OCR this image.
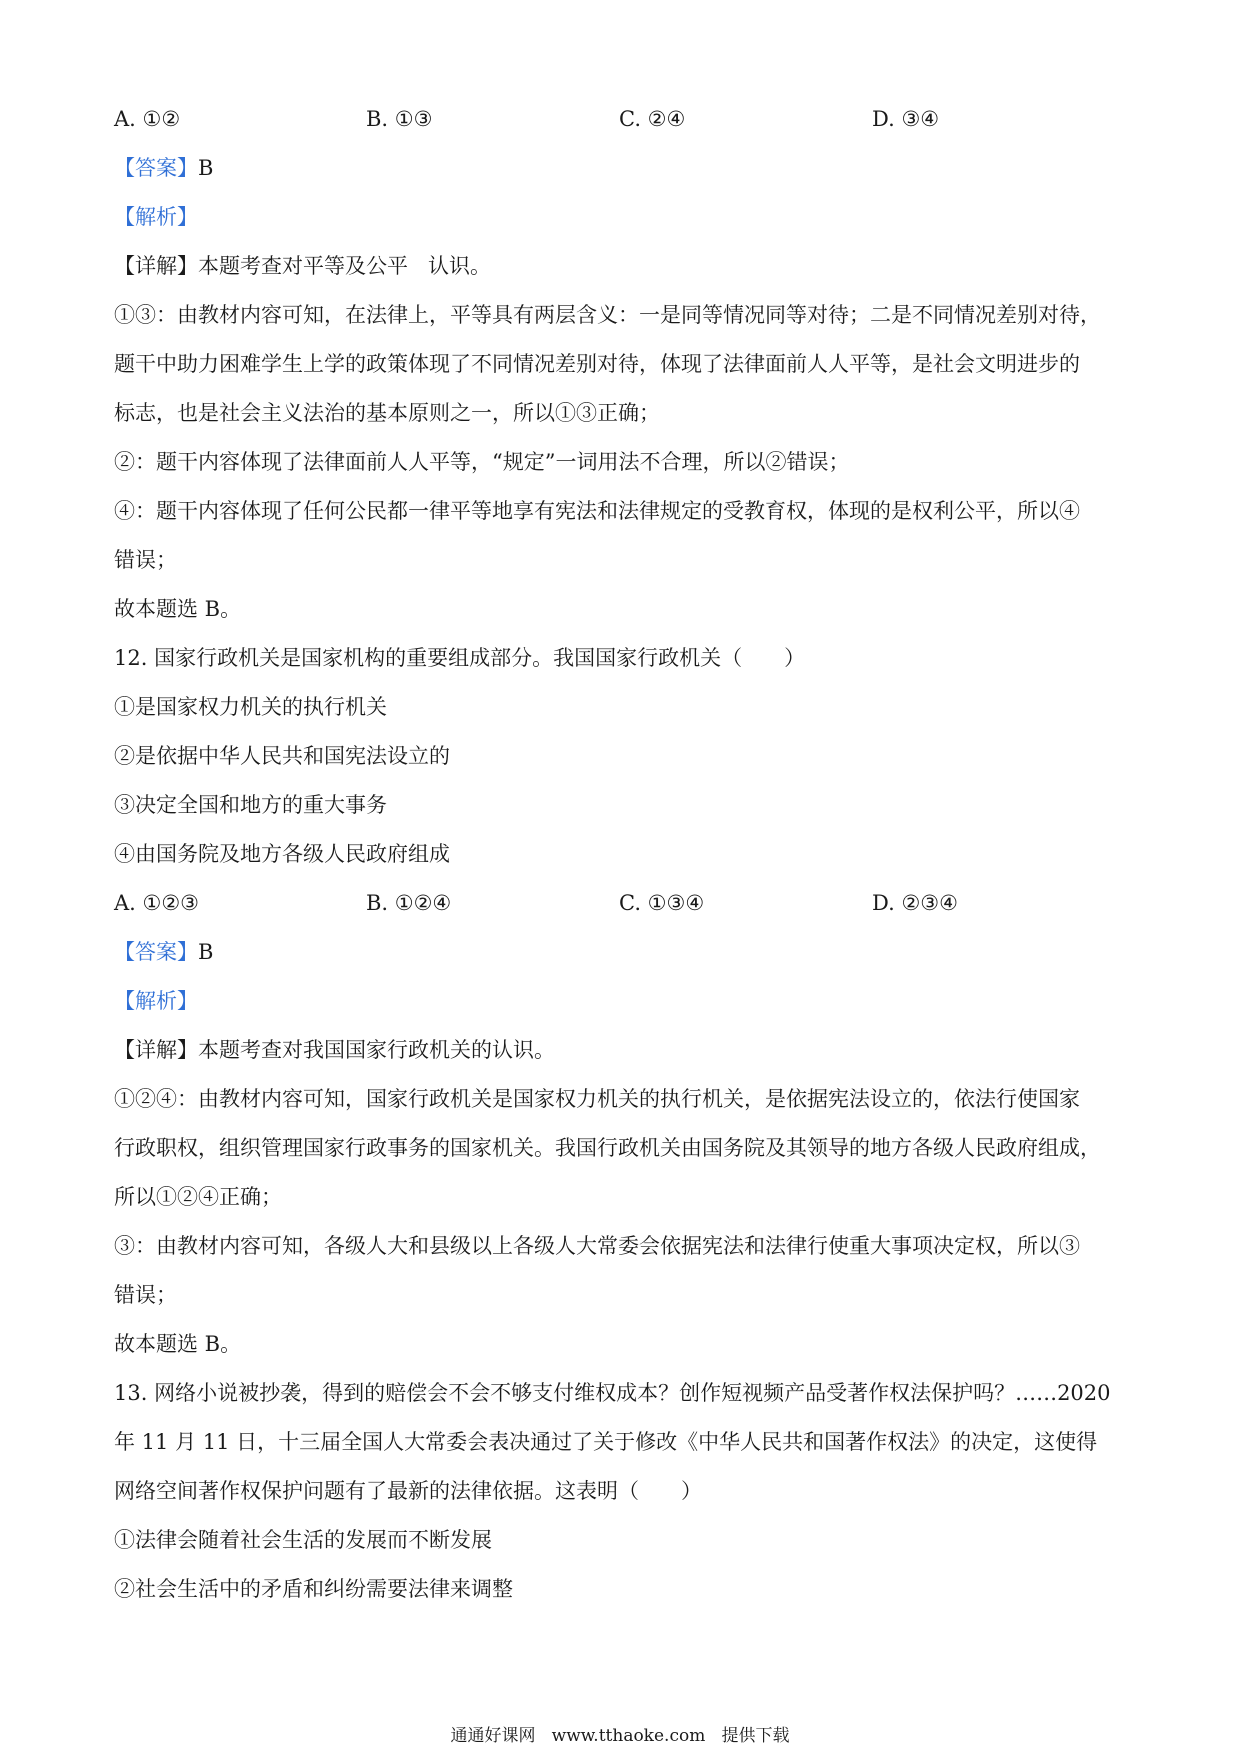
A. ①②	B. ①③	C. ②④	D. ③④
【答案】B
【解析】
【详解】本题考查对平等及公平   认识。
①③：由教材内容可知，在法律上，平等具有两层含义：一是同等情况同等对待；二是不同情况差别对待，
题干中助力困难学生上学的政策体现了不同情况差别对待，体现了法律面前人人平等，是社会文明进步的
标志，也是社会主义法治的基本原则之一，所以①③正确；
②：题干内容体现了法律面前人人平等，“规定”一词用法不合理，所以②错误；
④：题干内容体现了任何公民都一律平等地享有宪法和法律规定的受教育权，体现的是权利公平，所以④
错误；
故本题选 B。
12. 国家行政机关是国家机构的重要组成部分。我国国家行政机关（　　）
①是国家权力机关的执行机关
②是依据中华人民共和国宪法设立的
③决定全国和地方的重大事务
④由国务院及地方各级人民政府组成
A. ①②③	B. ①②④	C. ①③④	D. ②③④
【答案】B
【解析】
【详解】本题考查对我国国家行政机关的认识。
①②④：由教材内容可知，国家行政机关是国家权力机关的执行机关，是依据宪法设立的，依法行使国家
行政职权，组织管理国家行政事务的国家机关。我国行政机关由国务院及其领导的地方各级人民政府组成，
所以①②④正确；
③：由教材内容可知，各级人大和县级以上各级人大常委会依据宪法和法律行使重大事项决定权，所以③
错误；
故本题选 B。
13. 网络小说被抄袭，得到的赔偿会不会不够支付维权成本？创作短视频产品受著作权法保护吗？……2020
年 11 月 11 日，十三届全国人大常委会表决通过了关于修改《中华人民共和国著作权法》的决定，这使得
网络空间著作权保护问题有了最新的法律依据。这表明（　　）
①法律会随着社会生活的发展而不断发展
②社会生活中的矛盾和纠纷需要法律来调整
通通好课网   www.tthaoke.com   提供下载
